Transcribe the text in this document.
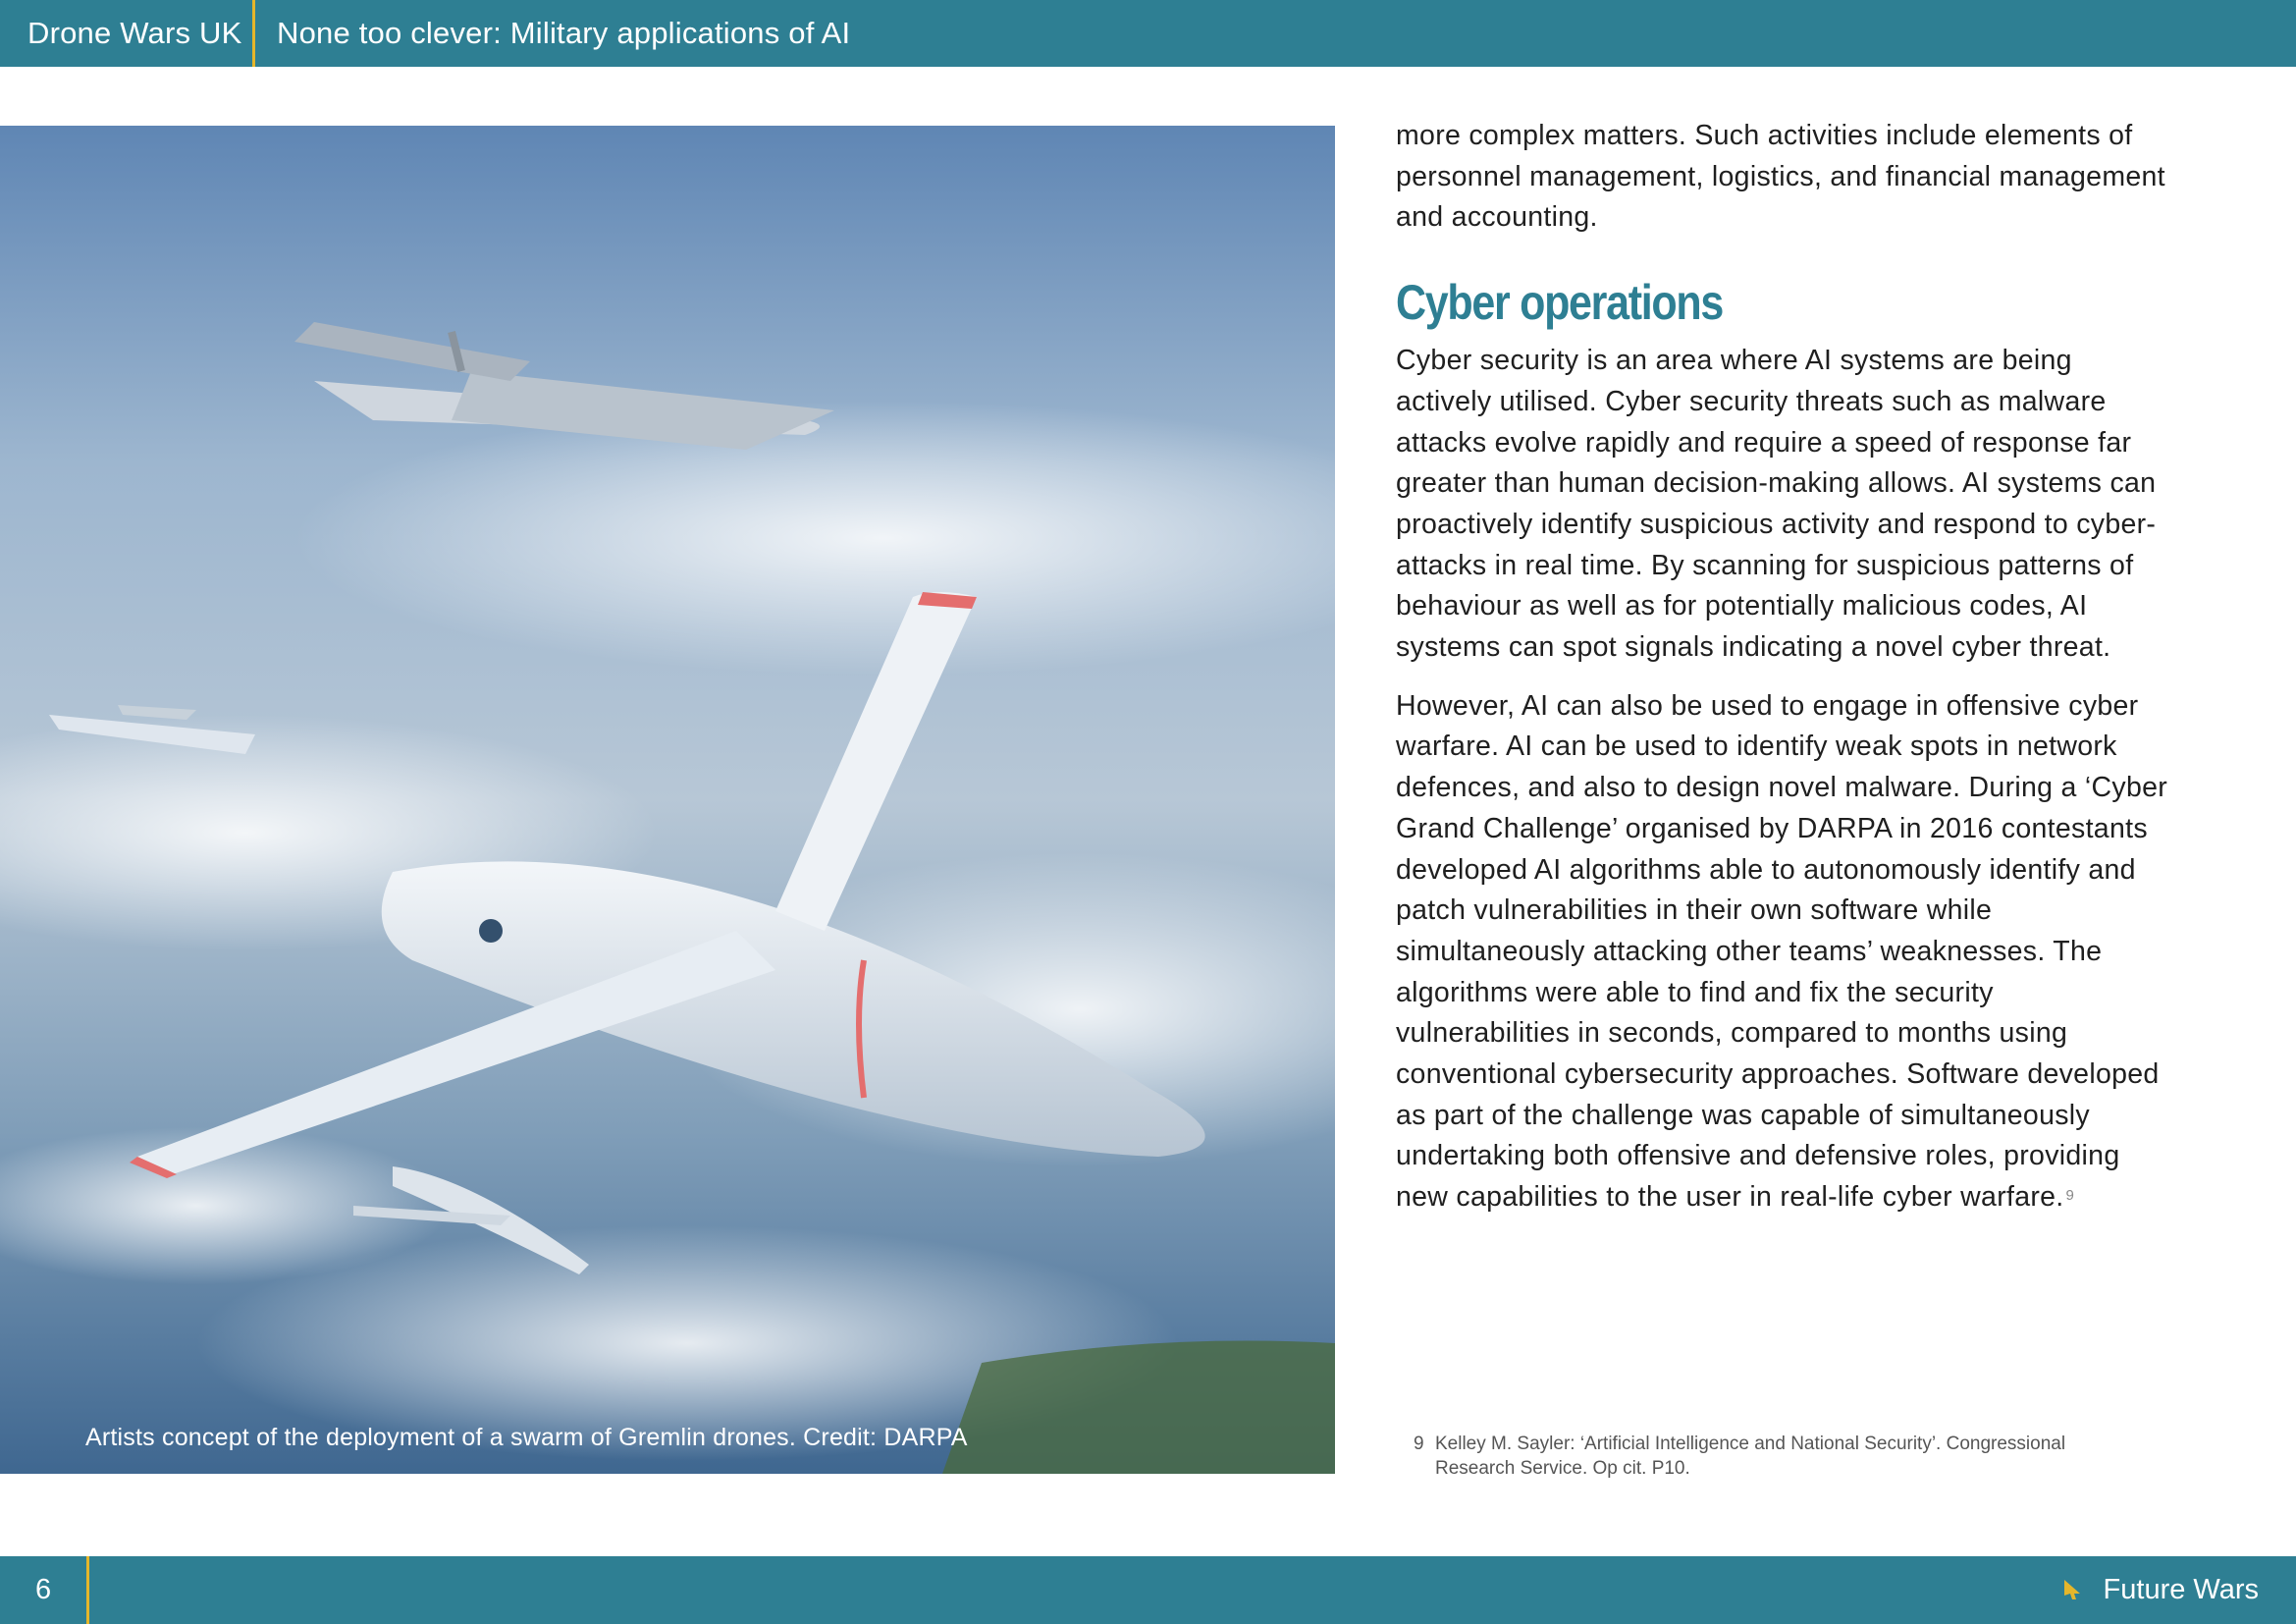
Drone Wars UK None too clever: Military applications of AI
Artists concept of the deployment of a swarm of Gremlin drones. Credit: DARPA

more complex matters. Such activities include elements of personnel management, logistics, and financial management and accounting.

Cyber operations

Cyber security is an area where AI systems are being actively utilised. Cyber security threats such as malware attacks evolve rapidly and require a speed of response far greater than human decision-making allows. AI systems can proactively identify suspicious activity and respond to cyber-attacks in real time. By scanning for suspicious patterns of behaviour as well as for potentially malicious codes, AI systems can spot signals indicating a novel cyber threat.

However, AI can also be used to engage in offensive cyber warfare. AI can be used to identify weak spots in network defences, and also to design novel malware. During a ‘Cyber Grand Challenge’ organised by DARPA in 2016 contestants developed AI algorithms able to autonomously identify and patch vulnerabilities in their own software while simultaneously attacking other teams’ weaknesses. The algorithms were able to find and fix the security vulnerabilities in seconds, compared to months using conventional cybersecurity approaches. Software developed as part of the challenge was capable of simultaneously undertaking both offensive and defensive roles, providing new capabilities to the user in real-life cyber warfare. $^9$

9 Kelley M. Sayler: ‘Artificial Intelligence and National Security’. Congressional Research Service. Op cit. P10.
6	Future Wars
